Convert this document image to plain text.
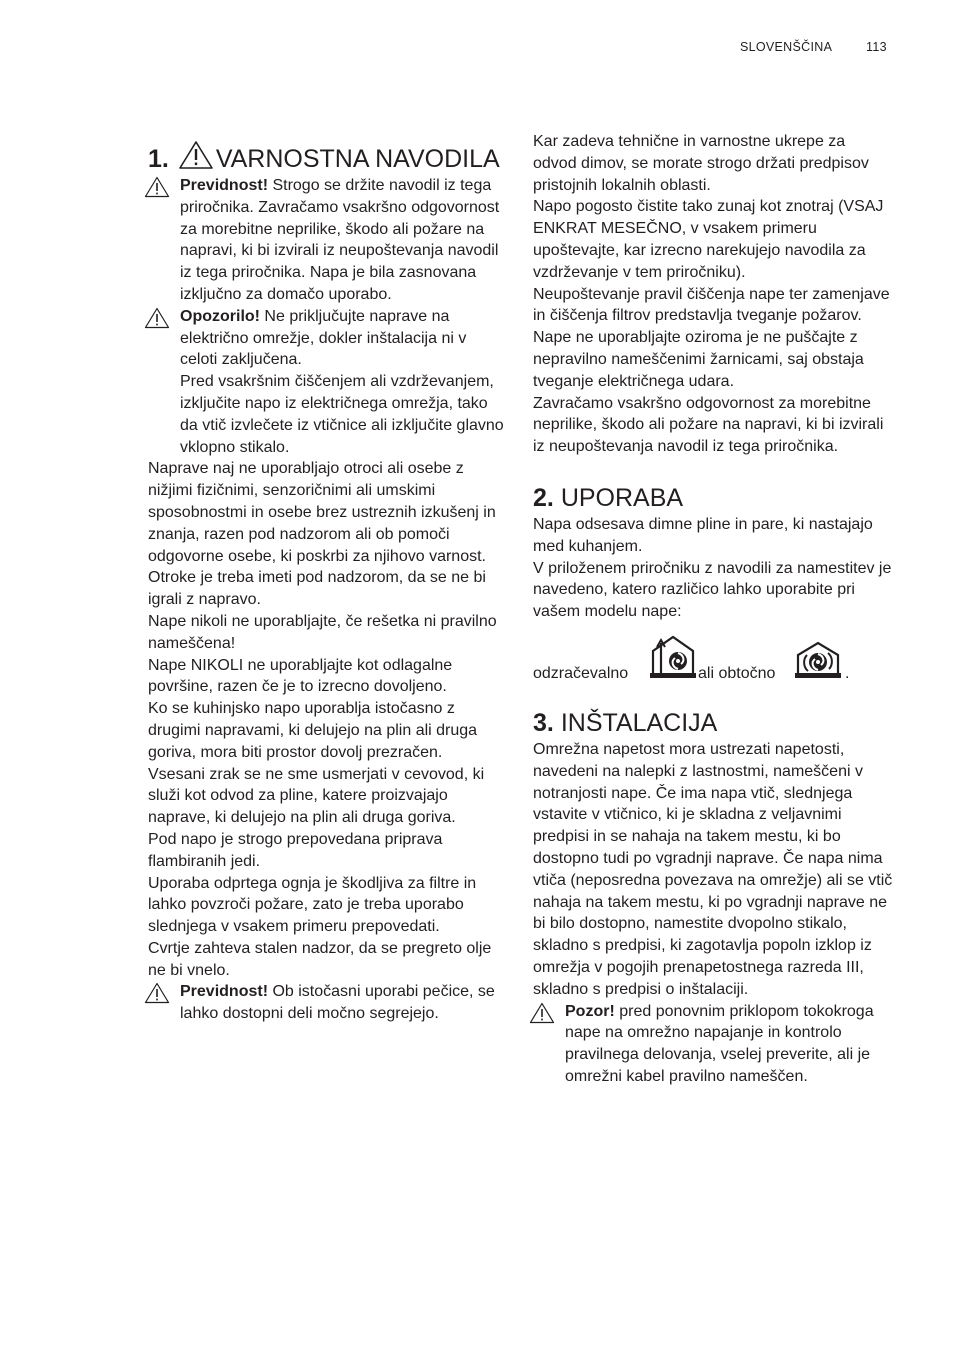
SLOVENŠČINA	113
1. VARNOSTNA NAVODILA

Previdnost! Strogo se držite navodil iz tega priročnika. Zavračamo vsakršno odgovornost za morebitne neprilike, škodo ali požare na napravi, ki bi izvirali iz neupoštevanja navodil iz tega priročnika. Napa je bila zasnovana izključno za domačo uporabo.

Opozorilo! Ne priključujte naprave na električno omrežje, dokler inštalacija ni v celoti zaključena.

Pred vsakršnim čiščenjem ali vzdrževanjem, izključite napo iz električnega omrežja, tako da vtič izvlečete iz vtičnice ali izključite glavno vklopno stikalo.

Naprave naj ne uporabljajo otroci ali osebe z nižjimi fizičnimi, senzoričnimi ali umskimi sposobnostmi in osebe brez ustreznih izkušenj in znanja, razen pod nadzorom ali ob pomoči odgovorne osebe, ki poskrbi za njihovo varnost.

Otroke je treba imeti pod nadzorom, da se ne bi igrali z napravo.

Nape nikoli ne uporabljajte, če rešetka ni pravilno nameščena!

Nape NIKOLI ne uporabljajte kot odlagalne površine, razen če je to izrecno dovoljeno.

Ko se kuhinjsko napo uporablja istočasno z drugimi napravami, ki delujejo na plin ali druga goriva, mora biti prostor dovolj prezračen.

Vsesani zrak se ne sme usmerjati v cevovod, ki služi kot odvod za pline, katere proizvajajo naprave, ki delujejo na plin ali druga goriva.

Pod napo je strogo prepovedana priprava flambiranih jedi.

Uporaba odprtega ognja je škodljiva za filtre in lahko povzroči požare, zato je treba uporabo slednjega v vsakem primeru prepovedati.

Cvrtje zahteva stalen nadzor, da se pregreto olje ne bi vnelo.

Previdnost! Ob istočasni uporabi pečice, se lahko dostopni deli močno segrejejo.

Kar zadeva tehnične in varnostne ukrepe za odvod dimov, se morate strogo držati predpisov pristojnih lokalnih oblasti.

Napo pogosto čistite tako zunaj kot znotraj (VSAJ ENKRAT MESEČNO, v vsakem primeru upoštevajte, kar izrecno narekujejo navodila za vzdrževanje v tem priročniku).

Neupoštevanje pravil čiščenja nape ter zamenjave in čiščenja filtrov predstavlja tveganje požarov.

Nape ne uporabljajte oziroma je ne puščajte z nepravilno nameščenimi žarnicami, saj obstaja tveganje električnega udara.

Zavračamo vsakršno odgovornost za morebitne neprilike, škodo ali požare na napravi, ki bi izvirali iz neupoštevanja navodil iz tega priročnika.

2. UPORABA

Napa odsesava dimne pline in pare, ki nastajajo med kuhanjem.

V priloženem priročniku z navodili za namestitev je navedeno, katero različico lahko uporabite pri vašem modelu nape:

odzračevalno	ali obtočno	.
3. INŠTALACIJA

Omrežna napetost mora ustrezati napetosti, navedeni na nalepki z lastnostmi, nameščeni v notranjosti nape. Če ima napa vtič, slednjega vstavite v vtičnico, ki je skladna z veljavnimi predpisi in se nahaja na takem mestu, ki bo dostopno tudi po vgradnji naprave. Če napa nima vtiča (neposredna povezava na omrežje) ali se vtič nahaja na takem mestu, ki po vgradnji naprave ne bi bilo dostopno, namestite dvopolno stikalo, skladno s predpisi, ki zagotavlja popoln izklop iz omrežja v pogojih prenapetostnega razreda III, skladno s predpisi o inštalaciji.

Pozor! pred ponovnim priklopom tokokroga nape na omrežno napajanje in kontrolo pravilnega delovanja, vselej preverite, ali je omrežni kabel pravilno nameščen.
